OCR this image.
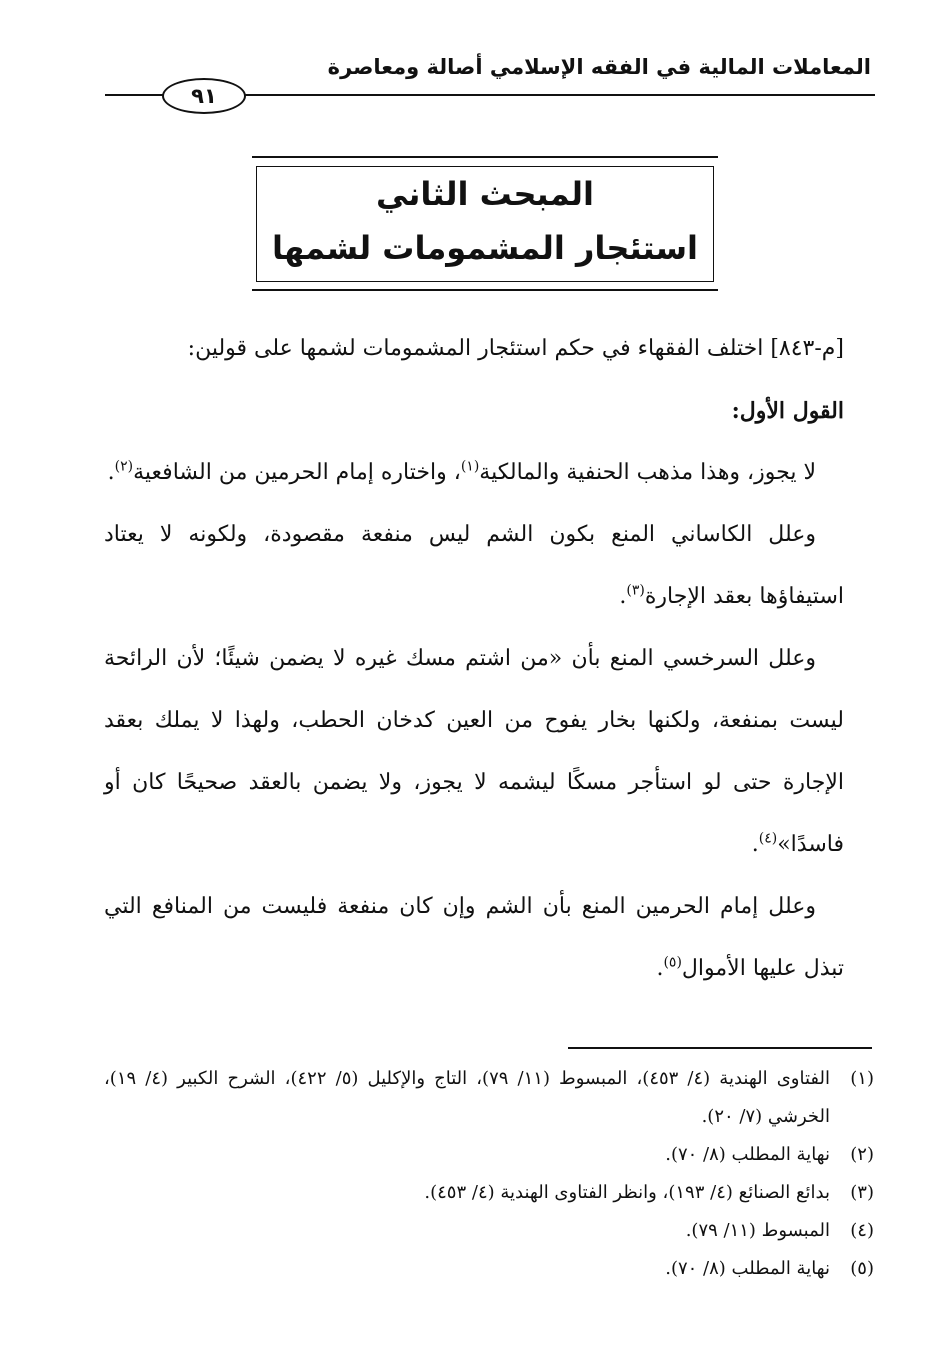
المعاملات المالية في الفقه الإسلامي أصالة ومعاصرة
٩١
المبحث الثاني
استئجار المشمومات لشمها

[م-٨٤٣] اختلف الفقهاء في حكم استئجار المشمومات لشمها على قولين:

القول الأول:

لا يجوز، وهذا مذهب الحنفية والمالكية$^{(١)}$، واختاره إمام الحرمين من الشافعية$^{(٢)}$.

وعلل الكاساني المنع بكون الشم ليس منفعة مقصودة، ولكونه لا يعتاد استيفاؤها بعقد الإجارة$^{(٣)}$.

وعلل السرخسي المنع بأن «من اشتم مسك غيره لا يضمن شيئًا؛ لأن الرائحة ليست بمنفعة، ولكنها بخار يفوح من العين كدخان الحطب، ولهذا لا يملك بعقد الإجارة حتى لو استأجر مسكًا ليشمه لا يجوز، ولا يضمن بالعقد صحيحًا كان أو فاسدًا»$^{(٤)}$.

وعلل إمام الحرمين المنع بأن الشم وإن كان منفعة فليست من المنافع التي تبذل عليها الأموال$^{(٥)}$.

(١)
الفتاوى الهندية (٤/ ٤٥٣)، المبسوط (١١/ ٧٩)، التاج والإكليل (٥/ ٤٢٢)، الشرح الكبير (٤/ ١٩)، الخرشي (٧/ ٢٠).
(٢)
نهاية المطلب (٨/ ٧٠).
(٣)
بدائع الصنائع (٤/ ١٩٣)، وانظر الفتاوى الهندية (٤/ ٤٥٣).
(٤)
المبسوط (١١/ ٧٩).
(٥)
نهاية المطلب (٨/ ٧٠).
